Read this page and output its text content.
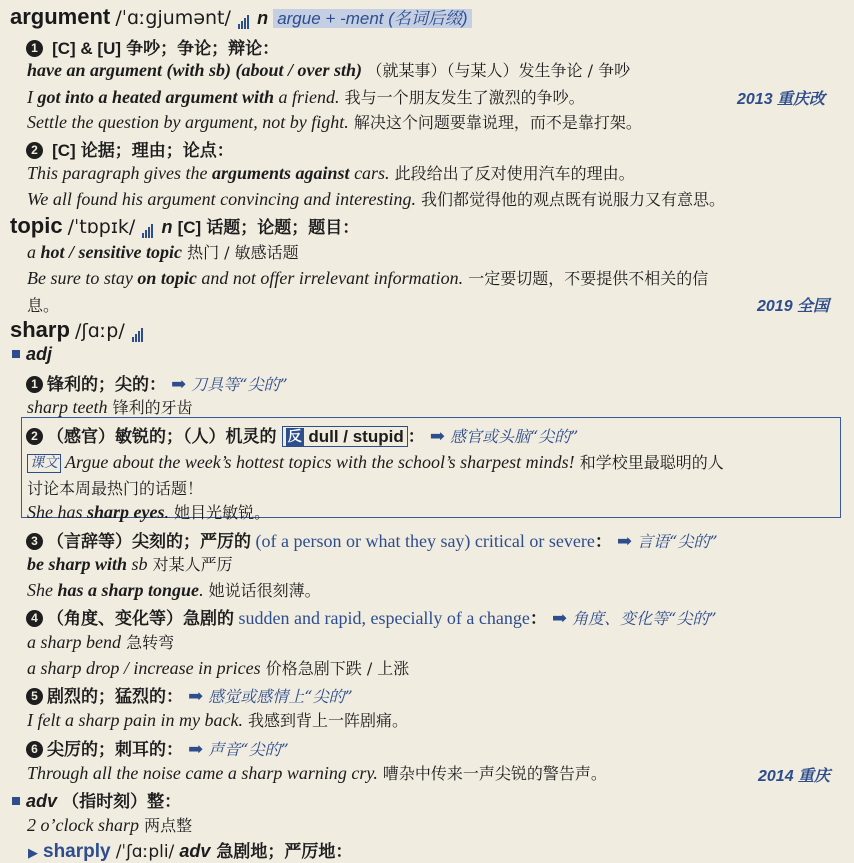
argument /ˈɑːgjumənt/ n argue + -ment (名词后缀)
1 [C] & [U] 争吵；争论；辩论：
have an argument (with sb) (about / over sth) （就某事）（与某人）发生争论 / 争吵
I got into a heated argument with a friend. 我与一个朋友发生了激烈的争吵。	2013 重庆改
Settle the question by argument, not by fight. 解决这个问题要靠说理，而不是靠打架。
2 [C] 论据；理由；论点：
This paragraph gives the arguments against cars. 此段给出了反对使用汽车的理由。
We all found his argument convincing and interesting. 我们都觉得他的观点既有说服力又有意思。
topic /ˈtɒpɪk/ n [C] 话题；论题；题目：
a hot / sensitive topic 热门 / 敏感话题
Be sure to stay on topic and not offer irrelevant information. 一定要切题，不要提供不相关的信
息。	2019 全国
sharp /ʃɑːp/
adj
1 锋利的；尖的： ➡ 刀具等“尖的”
sharp teeth 锋利的牙齿
2 （感官）敏锐的；（人）机灵的 反 dull / stupid ： ➡ 感官或头脑“尖的”
课文 Argue about the week’s hottest topics with the school’s sharpest minds! 和学校里最聪明的人
讨论本周最热门的话题！
She has sharp eyes. 她目光敏锐。
3 （言辞等）尖刻的；严厉的 (of a person or what they say) critical or severe： ➡ 言语“尖的”
be sharp with sb 对某人严厉
She has a sharp tongue. 她说话很刻薄。
4 （角度、变化等）急剧的 sudden and rapid, especially of a change： ➡ 角度、变化等“尖的”
a sharp bend 急转弯
a sharp drop / increase in prices 价格急剧下跌 / 上涨
5 剧烈的；猛烈的： ➡ 感觉或感情上“尖的”
I felt a sharp pain in my back. 我感到背上一阵剧痛。
6 尖厉的；刺耳的： ➡ 声音“尖的”
Through all the noise came a sharp warning cry. 嘈杂中传来一声尖锐的警告声。	2014 重庆
adv （指时刻）整：
2 o’clock sharp 两点整
▶ sharply /ˈʃɑːpli/ adv 急剧地；严厉地：
